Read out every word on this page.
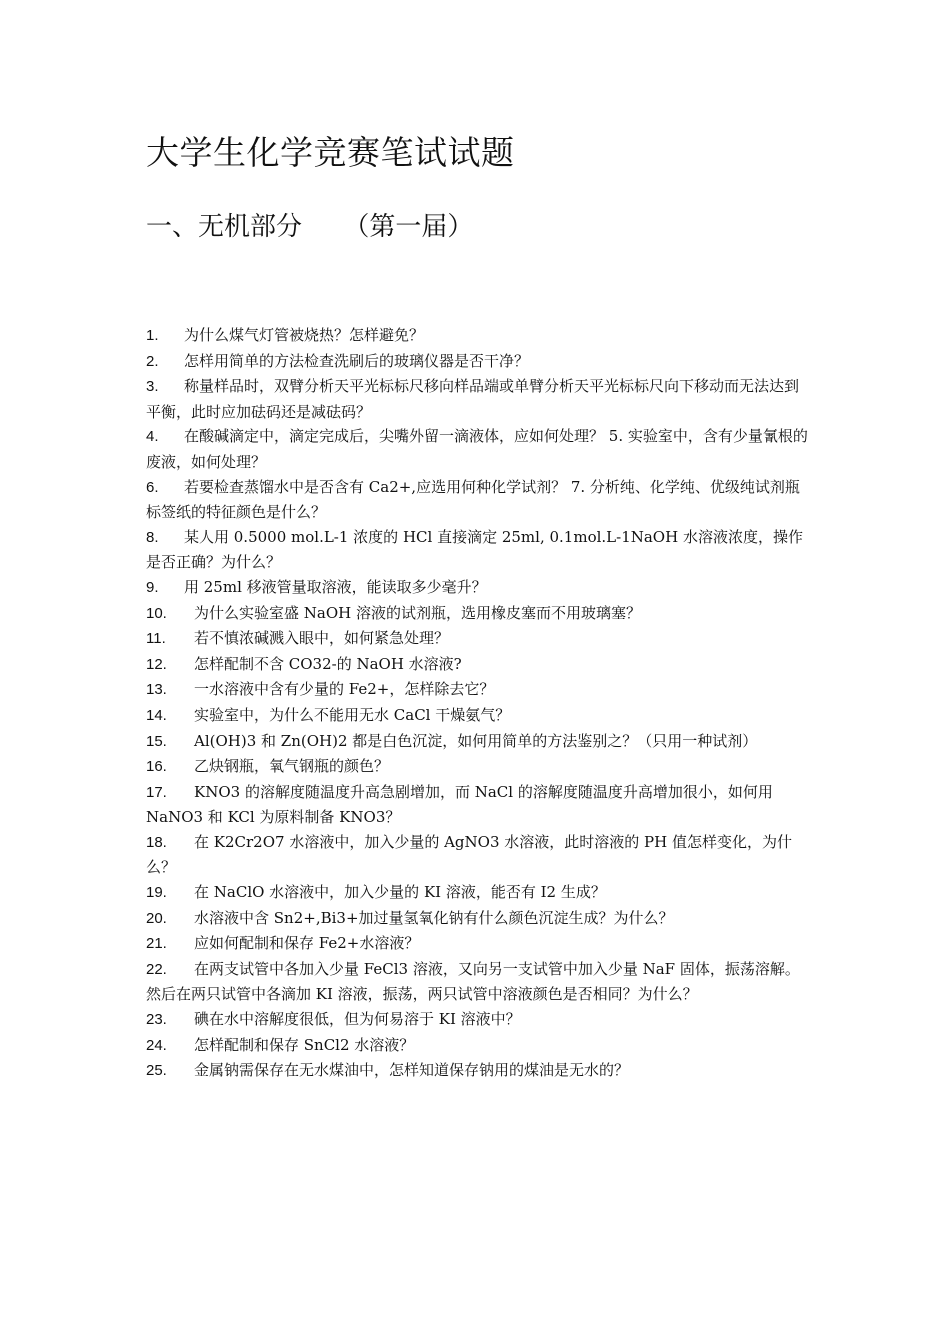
大学生化学竞赛笔试试题
一、无机部分     （第一届）
1. 为什么煤气灯管被烧热？怎样避免？
2. 怎样用简单的方法检查洗刷后的玻璃仪器是否干净？
3. 称量样品时，双臂分析天平光标标尺移向样品端或单臂分析天平光标标尺向下移动而无法达到平衡，此时应加砝码还是减砝码？
4. 在酸碱滴定中，滴定完成后，尖嘴外留一滴液体，应如何处理？ 5. 实验室中，含有少量氰根的废液，如何处理？
6. 若要检查蒸馏水中是否含有 Ca2+,应选用何种化学试剂？ 7. 分析纯、化学纯、优级纯试剂瓶标签纸的特征颜色是什么？
8. 某人用 0.5000 mol.L-1 浓度的 HCl 直接滴定 25ml, 0.1mol.L-1NaOH 水溶液浓度，操作是否正确？为什么？
9. 用 25ml 移液管量取溶液，能读取多少毫升？
10. 为什么实验室盛 NaOH 溶液的试剂瓶，选用橡皮塞而不用玻璃塞？
11. 若不慎浓碱溅入眼中，如何紧急处理？
12. 怎样配制不含 CO32-的 NaOH 水溶液?
13. 一水溶液中含有少量的 Fe2+，怎样除去它？
14. 实验室中，为什么不能用无水 CaCl 干燥氨气？
15. Al(OH)3 和 Zn(OH)2 都是白色沉淀，如何用简单的方法鉴别之？（只用一种试剂）
16. 乙炔钢瓶，氧气钢瓶的颜色？
17. KNO3 的溶解度随温度升高急剧增加，而 NaCl 的溶解度随温度升高增加很小，如何用 NaNO3 和 KCl 为原料制备 KNO3？
18. 在 K2Cr2O7 水溶液中，加入少量的 AgNO3 水溶液，此时溶液的 PH 值怎样变化，为什么？
19. 在 NaClO 水溶液中，加入少量的 KI 溶液，能否有 I2 生成？
20. 水溶液中含 Sn2+,Bi3+加过量氢氧化钠有什么颜色沉淀生成？为什么？
21. 应如何配制和保存 Fe2+水溶液？
22. 在两支试管中各加入少量 FeCl3 溶液，又向另一支试管中加入少量 NaF 固体，振荡溶解。然后在两只试管中各滴加 KI 溶液，振荡，两只试管中溶液颜色是否相同？为什么？
23. 碘在水中溶解度很低，但为何易溶于 KI 溶液中？
24. 怎样配制和保存 SnCl2 水溶液？
25. 金属钠需保存在无水煤油中，怎样知道保存钠用的煤油是无水的？
